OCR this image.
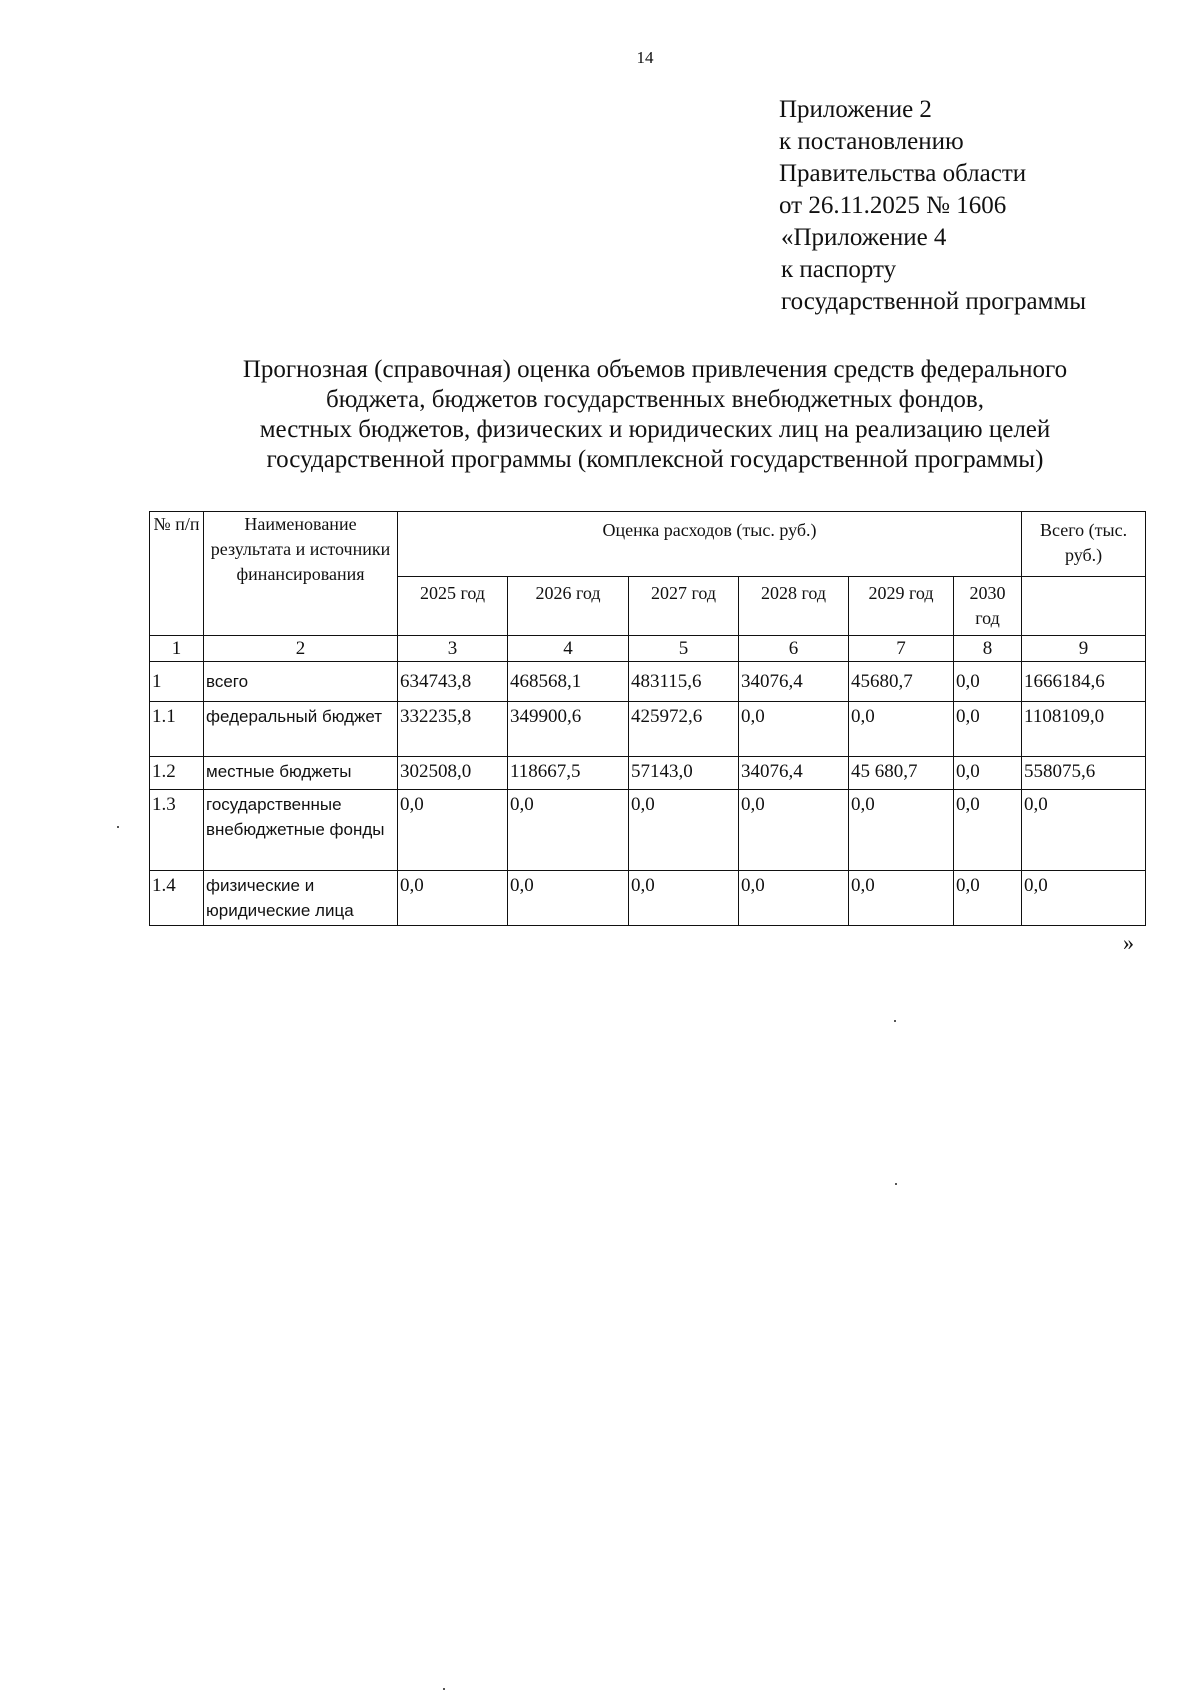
14
Приложение 2
к постановлению
Правительства области
от 26.11.2025 № 1606
«Приложение 4
к паспорту
государственной программы
Прогнозная (справочная) оценка объемов привлечения средств федерального
бюджета, бюджетов государственных внебюджетных фондов,
местных бюджетов, физических и юридических лиц на реализацию целей
государственной программы (комплексной государственной программы)
№ п/п	Наименование результата и источники финансирования	Оценка расходов (тыс. руб.)						Всего (тыс. руб.)
		2025 год	2026 год	2027 год	2028 год	2029 год	2030 год	
1	2	3	4	5	6	7	8	9
1	всего	634743,8	468568,1	483115,6	34076,4	45680,7	0,0	1666184,6
1.1	федеральный бюджет	332235,8	349900,6	425972,6	0,0	0,0	0,0	1108109,0
1.2	местные бюджеты	302508,0	118667,5	57143,0	34076,4	45 680,7	0,0	558075,6
1.3	государственные внебюджетные фонды	0,0	0,0	0,0	0,0	0,0	0,0	0,0
1.4	физические и юридические лица	0,0	0,0	0,0	0,0	0,0	0,0	0,0
»
